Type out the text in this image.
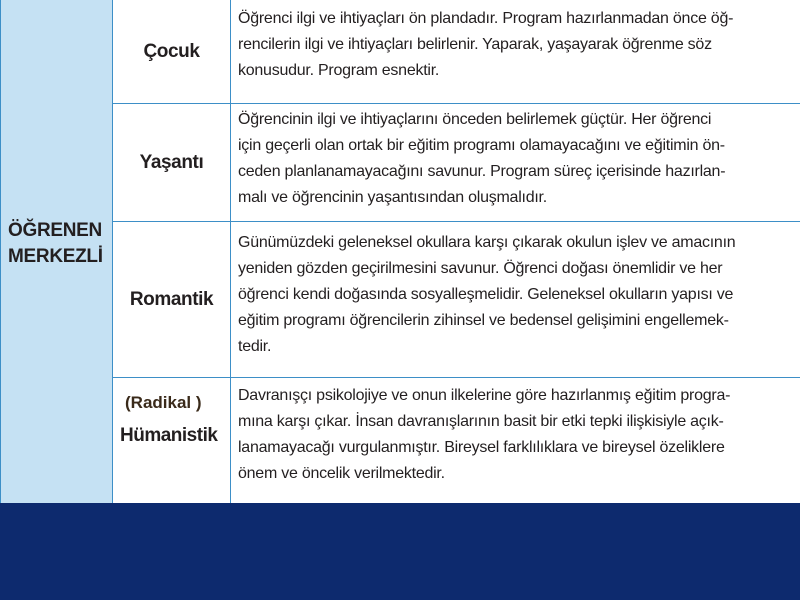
ÖĞRENEN
MERKEZLİ
Çocuk
Öğrenci ilgi ve ihtiyaçları ön plandadır. Program hazırlanmadan önce öğ-
rencilerin ilgi ve ihtiyaçları belirlenir. Yaparak, yaşayarak öğrenme söz
konusudur. Program esnektir.
Yaşantı
Öğrencinin ilgi ve ihtiyaçlarını önceden belirlemek güçtür. Her öğrenci
için geçerli olan ortak bir eğitim programı olamayacağını ve eğitimin ön-
ceden planlanamayacağını savunur. Program süreç içerisinde hazırlan-
malı ve öğrencinin yaşantısından oluşmalıdır.
Romantik
Günümüzdeki geleneksel okullara karşı çıkarak okulun işlev ve amacının
yeniden gözden geçirilmesini savunur. Öğrenci doğası önemlidir ve her
öğrenci kendi doğasında sosyalleşmelidir. Geleneksel okulların yapısı ve
eğitim programı öğrencilerin zihinsel ve bedensel gelişimini engellemek-
tedir.
(Radikal )
Hümanistik
Davranışçı psikolojiye ve onun ilkelerine göre hazırlanmış eğitim progra-
mına karşı çıkar. İnsan davranışlarının basit bir etki tepki ilişkisiyle açık-
lanamayacağı vurgulanmıştır. Bireysel farklılıklara ve bireysel özeliklere
önem ve öncelik verilmektedir.
